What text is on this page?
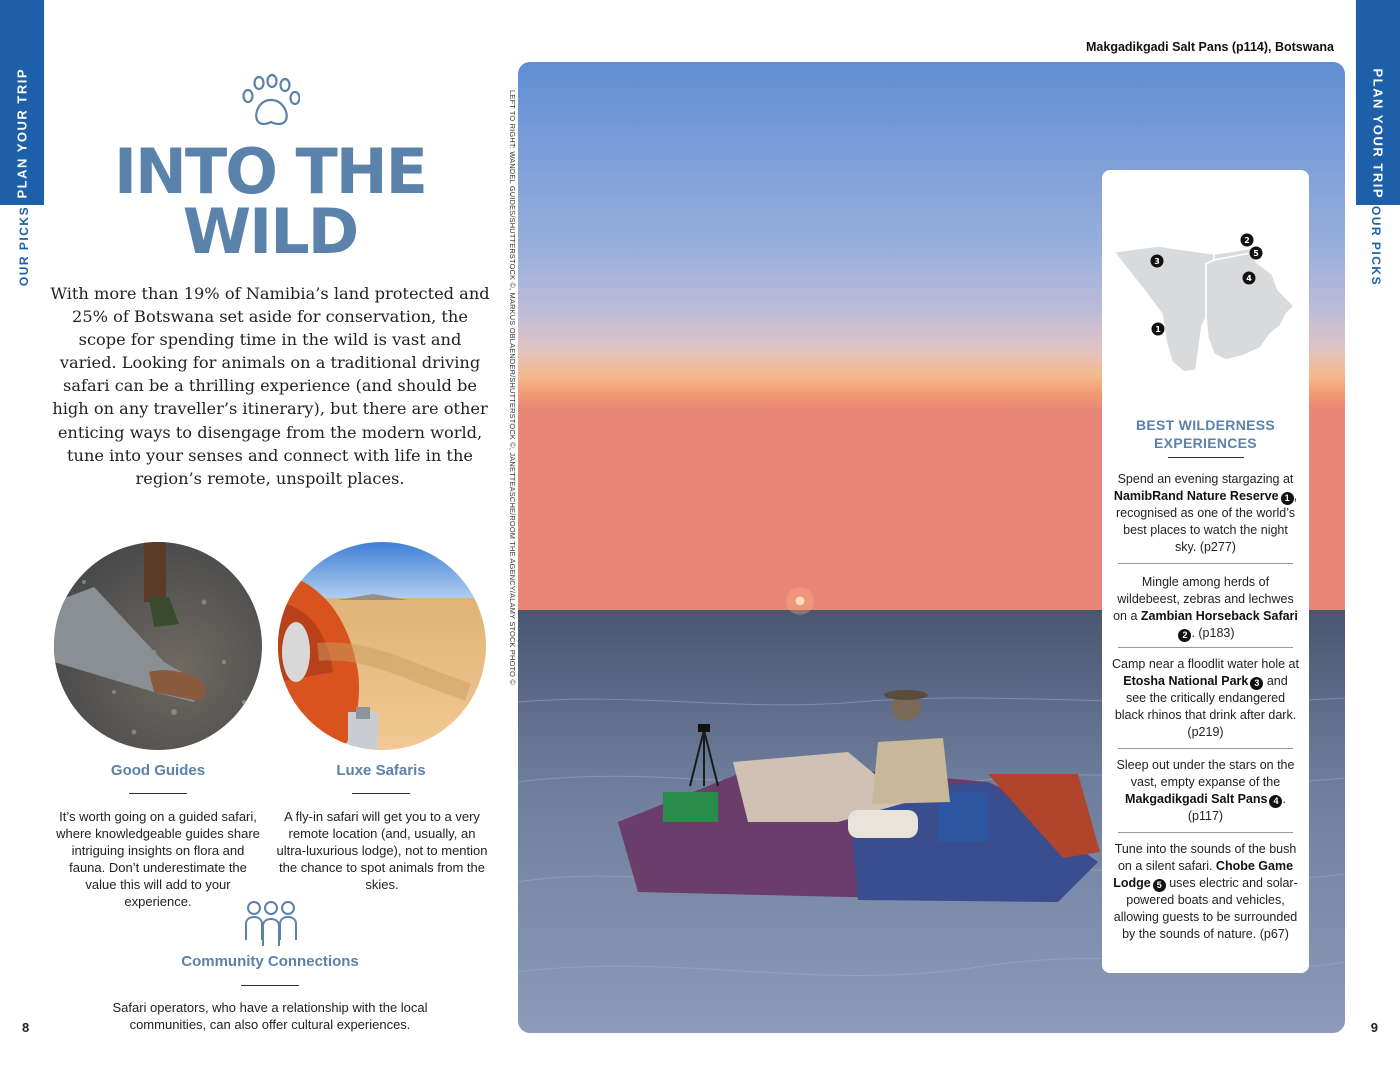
PLAN YOUR TRIP
OUR PICKS
PLAN YOUR TRIP
OUR PICKS
8	9
INTO THE
WILD

With more than 19% of Namibia’s land protected and 25% of Botswana set aside for conservation, the scope for spending time in the wild is vast and varied. Looking for animals on a traditional driving safari can be a thrilling experience (and should be high on any traveller’s itinerary), but there are other enticing ways to disengage from the modern world, tune into your senses and connect with life in the region’s remote, unspoilt places.

Good Guides

It’s worth going on a guided safari, where knowledgeable guides share intriguing insights on flora and fauna. Don’t underestimate the value this will add to your experience.

Luxe Safaris

A fly-in safari will get you to a very remote location (and, usually, an ultra-luxurious lodge), not to mention the chance to spot animals from the skies.

Community Connections

Safari operators, who have a relationship with the local communities, can also offer cultural experiences.

LEFT TO RIGHT: WANDEL GUIDES/SHUTTERSTOCK ©, MARKUS OBLAENDER/SHUTTERSTOCK ©, JANETTEASCHE/ROOM THE AGENCY/ALAMY STOCK PHOTO ©
Makgadikgadi Salt Pans (p114), Botswana
1
2
3
4
5
BEST WILDERNESS
EXPERIENCES

Spend an evening stargazing at NamibRand Nature Reserve 1 , recognised as one of the world’s best places to watch the night sky. (p277)

Mingle among herds of wildebeest, zebras and lechwes on a Zambian Horseback Safari2 . (p183)

Camp near a floodlit water hole at Etosha National Park 3 and see the critically endangered black rhinos that drink after dark. (p219)

Sleep out under the stars on the vast, empty expanse of the Makgadikgadi Salt Pans 4 . (p117)

Tune into the sounds of the bush on a silent safari. Chobe Game Lodge 5 uses electric and solar-powered boats and vehicles, allowing guests to be surrounded by the sounds of nature. (p67)
